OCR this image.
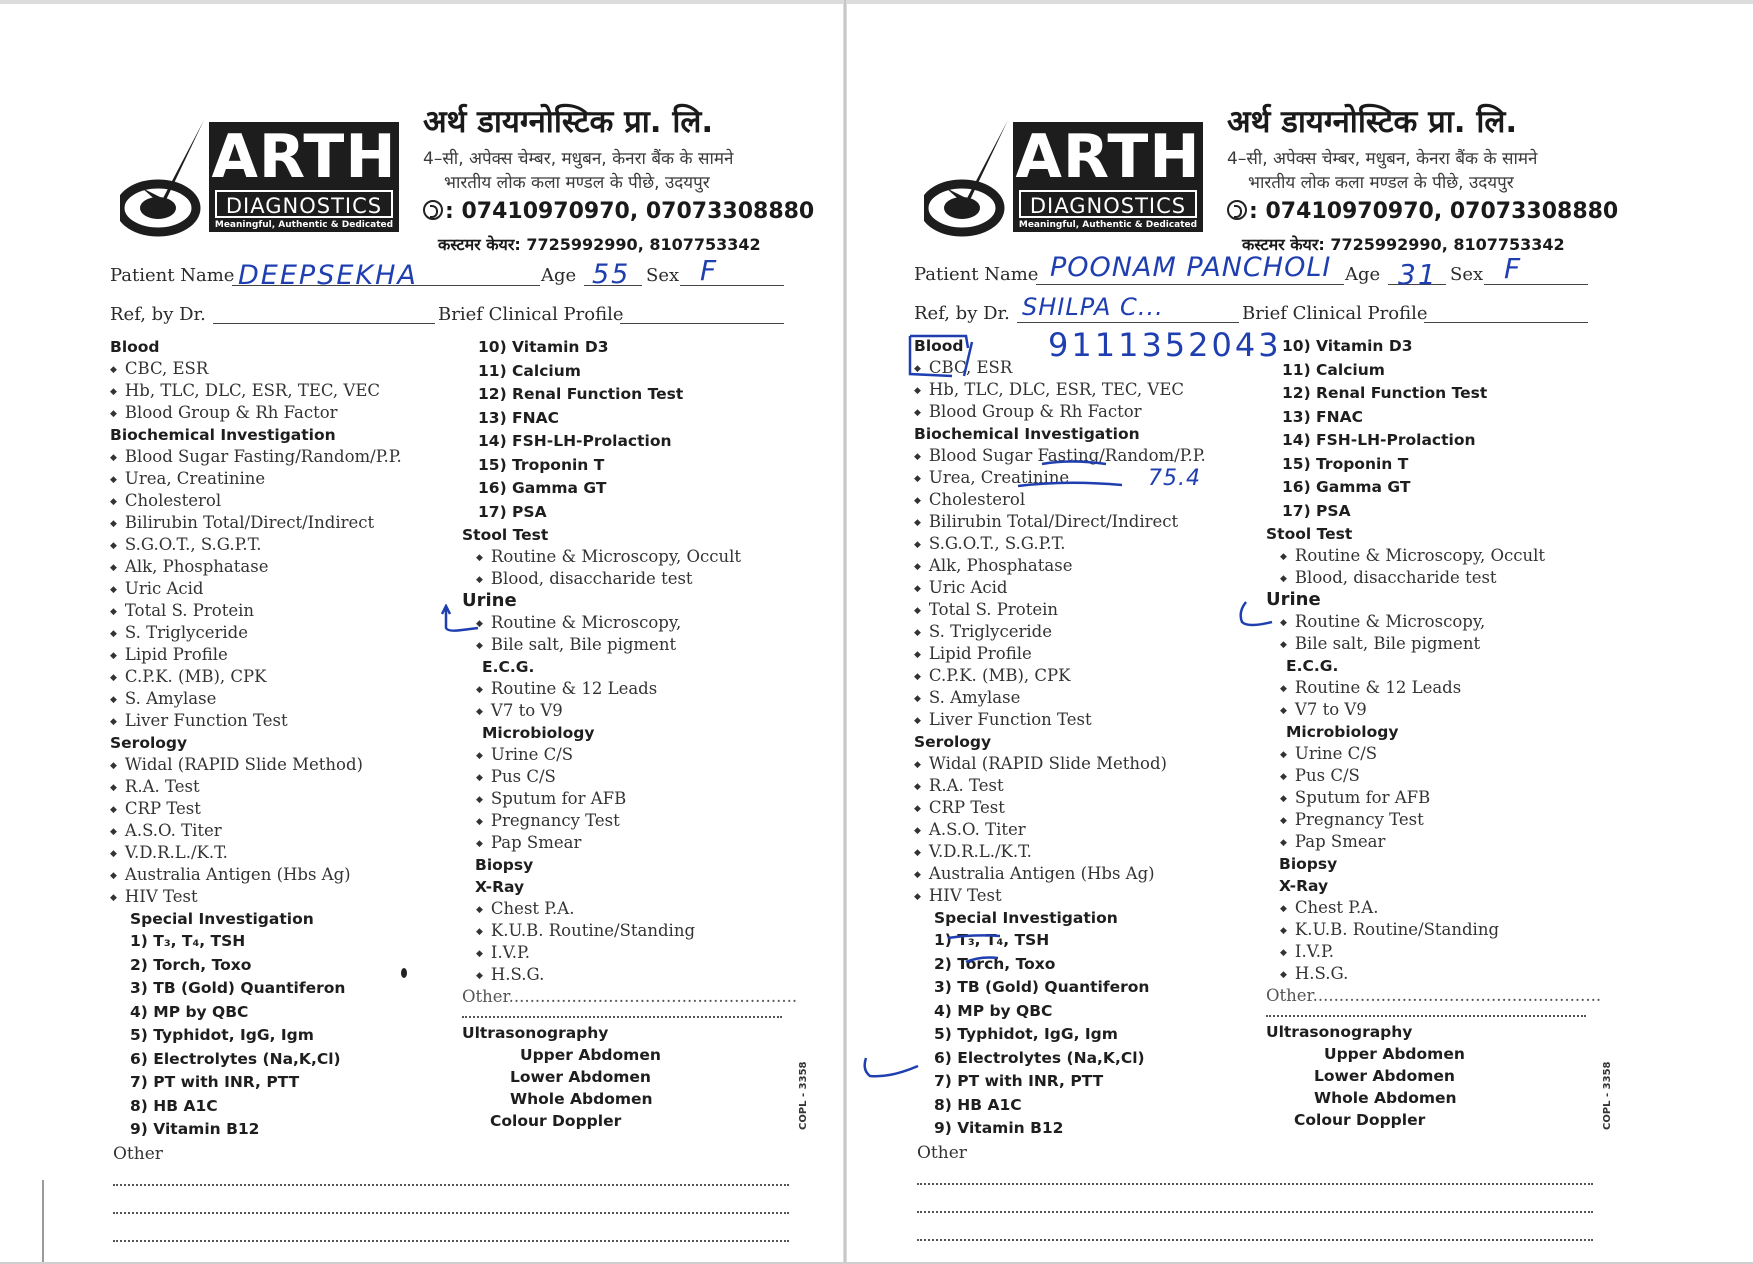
ARTH
DIAGNOSTICS
Meaningful, Authentic & Dedicated
अर्थ डायग्नोस्टिक प्रा. लि.
4–सी, अपेक्स चेम्बर, मधुबन, केनरा बैंक के सामने
भारतीय लोक कला मण्डल के पीछे, उदयपुर
: 07410970970, 07073308880
कस्टमर केयर: 7725992990, 8107753342
Patient Name DEEPSEKHA	Age 55 Sex F
Ref, by Dr.	Brief Clinical Profile
Blood
◆ CBC, ESR
◆ Hb, TLC, DLC, ESR, TEC, VEC
◆ Blood Group & Rh Factor
Biochemical Investigation
◆ Blood Sugar Fasting/Random/P.P.
◆ Urea, Creatinine
◆ Cholesterol
◆ Bilirubin Total/Direct/Indirect
◆ S.G.O.T., S.G.P.T.
◆ Alk, Phosphatase
◆ Uric Acid
◆ Total S. Protein
◆ S. Triglyceride
◆ Lipid Profile
◆ C.P.K. (MB), CPK
◆ S. Amylase
◆ Liver Function Test
Serology
◆ Widal (RAPID Slide Method)
◆ R.A. Test
◆ CRP Test
◆ A.S.O. Titer
◆ V.D.R.L./K.T.
◆ Australia Antigen (Hbs Ag)
◆ HIV Test
Special Investigation
1) T₃, T₄, TSH
2) Torch, Toxo
3) TB (Gold) Quantiferon
4) MP by QBC
5) Typhidot, IgG, Igm
6) Electrolytes (Na,K,Cl)
7) PT with INR, PTT
8) HB A1C
9) Vitamin B12
10) Vitamin D3
11) Calcium
12) Renal Function Test
13) FNAC
14) FSH-LH-Prolaction
15) Troponin T
16) Gamma GT
17) PSA
Stool Test
◆ Routine & Microscopy, Occult
◆ Blood, disaccharide test
Urine
◆ Routine & Microscopy,
◆ Bile salt, Bile pigment
E.C.G.
◆ Routine & 12 Leads
◆ V7 to V9
Microbiology
◆ Urine C/S
◆ Pus C/S
◆ Sputum for AFB
◆ Pregnancy Test
◆ Pap Smear
Biopsy
X-Ray
◆ Chest P.A.
◆ K.U.B. Routine/Standing
◆ I.V.P.
◆ H.S.G.
Other.......................................................
Ultrasonography
Upper Abdomen
Lower Abdomen
Whole Abdomen
Colour Doppler	COPL - 3358
Other
ARTH
DIAGNOSTICS
Meaningful, Authentic & Dedicated
अर्थ डायग्नोस्टिक प्रा. लि.
4–सी, अपेक्स चेम्बर, मधुबन, केनरा बैंक के सामने
भारतीय लोक कला मण्डल के पीछे, उदयपुर
: 07410970970, 07073308880
कस्टमर केयर: 7725992990, 8107753342
Patient Name POONAM PANCHOLI Age 31 Sex F
Ref, by Dr. SHILPA C...	Brief Clinical Profile
9111352043
75.4
Blood
◆ CBC, ESR
◆ Hb, TLC, DLC, ESR, TEC, VEC
◆ Blood Group & Rh Factor
Biochemical Investigation
◆ Blood Sugar Fasting/Random/P.P.
◆ Urea, Creatinine
◆ Cholesterol
◆ Bilirubin Total/Direct/Indirect
◆ S.G.O.T., S.G.P.T.
◆ Alk, Phosphatase
◆ Uric Acid
◆ Total S. Protein
◆ S. Triglyceride
◆ Lipid Profile
◆ C.P.K. (MB), CPK
◆ S. Amylase
◆ Liver Function Test
Serology
◆ Widal (RAPID Slide Method)
◆ R.A. Test
◆ CRP Test
◆ A.S.O. Titer
◆ V.D.R.L./K.T.
◆ Australia Antigen (Hbs Ag)
◆ HIV Test
Special Investigation
1) T₃, T₄, TSH
2) Torch, Toxo
3) TB (Gold) Quantiferon
4) MP by QBC
5) Typhidot, IgG, Igm
6) Electrolytes (Na,K,Cl)
7) PT with INR, PTT
8) HB A1C
9) Vitamin B12
10) Vitamin D3
11) Calcium
12) Renal Function Test
13) FNAC
14) FSH-LH-Prolaction
15) Troponin T
16) Gamma GT
17) PSA
Stool Test
◆ Routine & Microscopy, Occult
◆ Blood, disaccharide test
Urine
◆ Routine & Microscopy,
◆ Bile salt, Bile pigment
E.C.G.
◆ Routine & 12 Leads
◆ V7 to V9
Microbiology
◆ Urine C/S
◆ Pus C/S
◆ Sputum for AFB
◆ Pregnancy Test
◆ Pap Smear
Biopsy
X-Ray
◆ Chest P.A.
◆ K.U.B. Routine/Standing
◆ I.V.P.
◆ H.S.G.
Other.......................................................
Ultrasonography
Upper Abdomen
Lower Abdomen
Whole Abdomen
Colour Doppler	COPL - 3358
Other
